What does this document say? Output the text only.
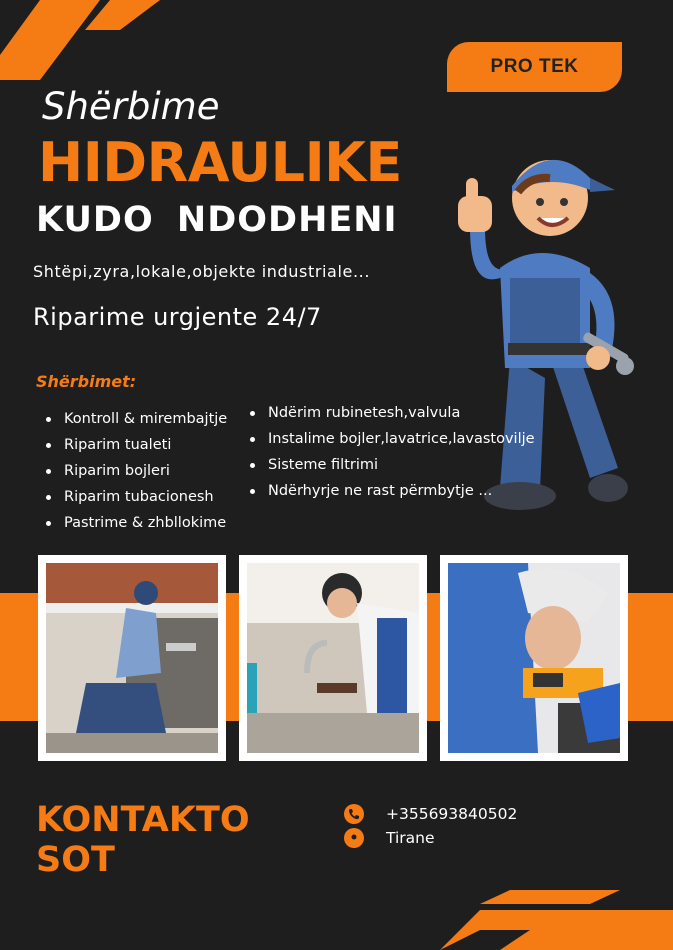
PRO TEK
Shërbime
HIDRAULIKE
KUDO NDODHENI
Shtëpi,zyra,lokale,objekte industriale...
Riparime urgjente 24/7
Shërbimet:
Kontroll & mirembajtje
Riparim tualeti
Riparim bojleri
Riparim tubacionesh
Pastrime & zhbllokime
Ndërim rubinetesh,valvula
Instalime bojler,lavatrice,lavastovilje
Sisteme filtrimi
Ndërhyrje ne rast përmbytje ...
KONTAKTO
SOT
+355693840502
Tirane
